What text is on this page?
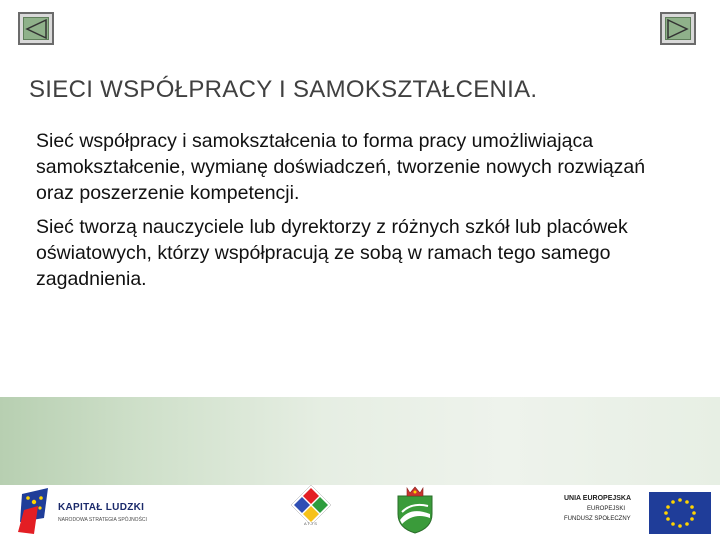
SIECI WSPÓŁPRACY I SAMOKSZTAŁCENIA.

Sieć współpracy i samokształcenia to forma pracy umożliwiająca samokształcenie, wymianę doświadczeń, tworzenie nowych rozwiązań oraz poszerzenie kompetencji.

Sieć tworzą nauczyciele lub dyrektorzy z różnych szkół lub placówek oświatowych, którzy współpracują ze sobą w ramach tego samego zagadnienia.

KAPITAŁ LUDZKI
NARODOWA STRATEGIA SPÓJNOŚCI
ATTS
UNIA EUROPEJSKA
EUROPEJSKI
FUNDUSZ SPOŁECZNY
